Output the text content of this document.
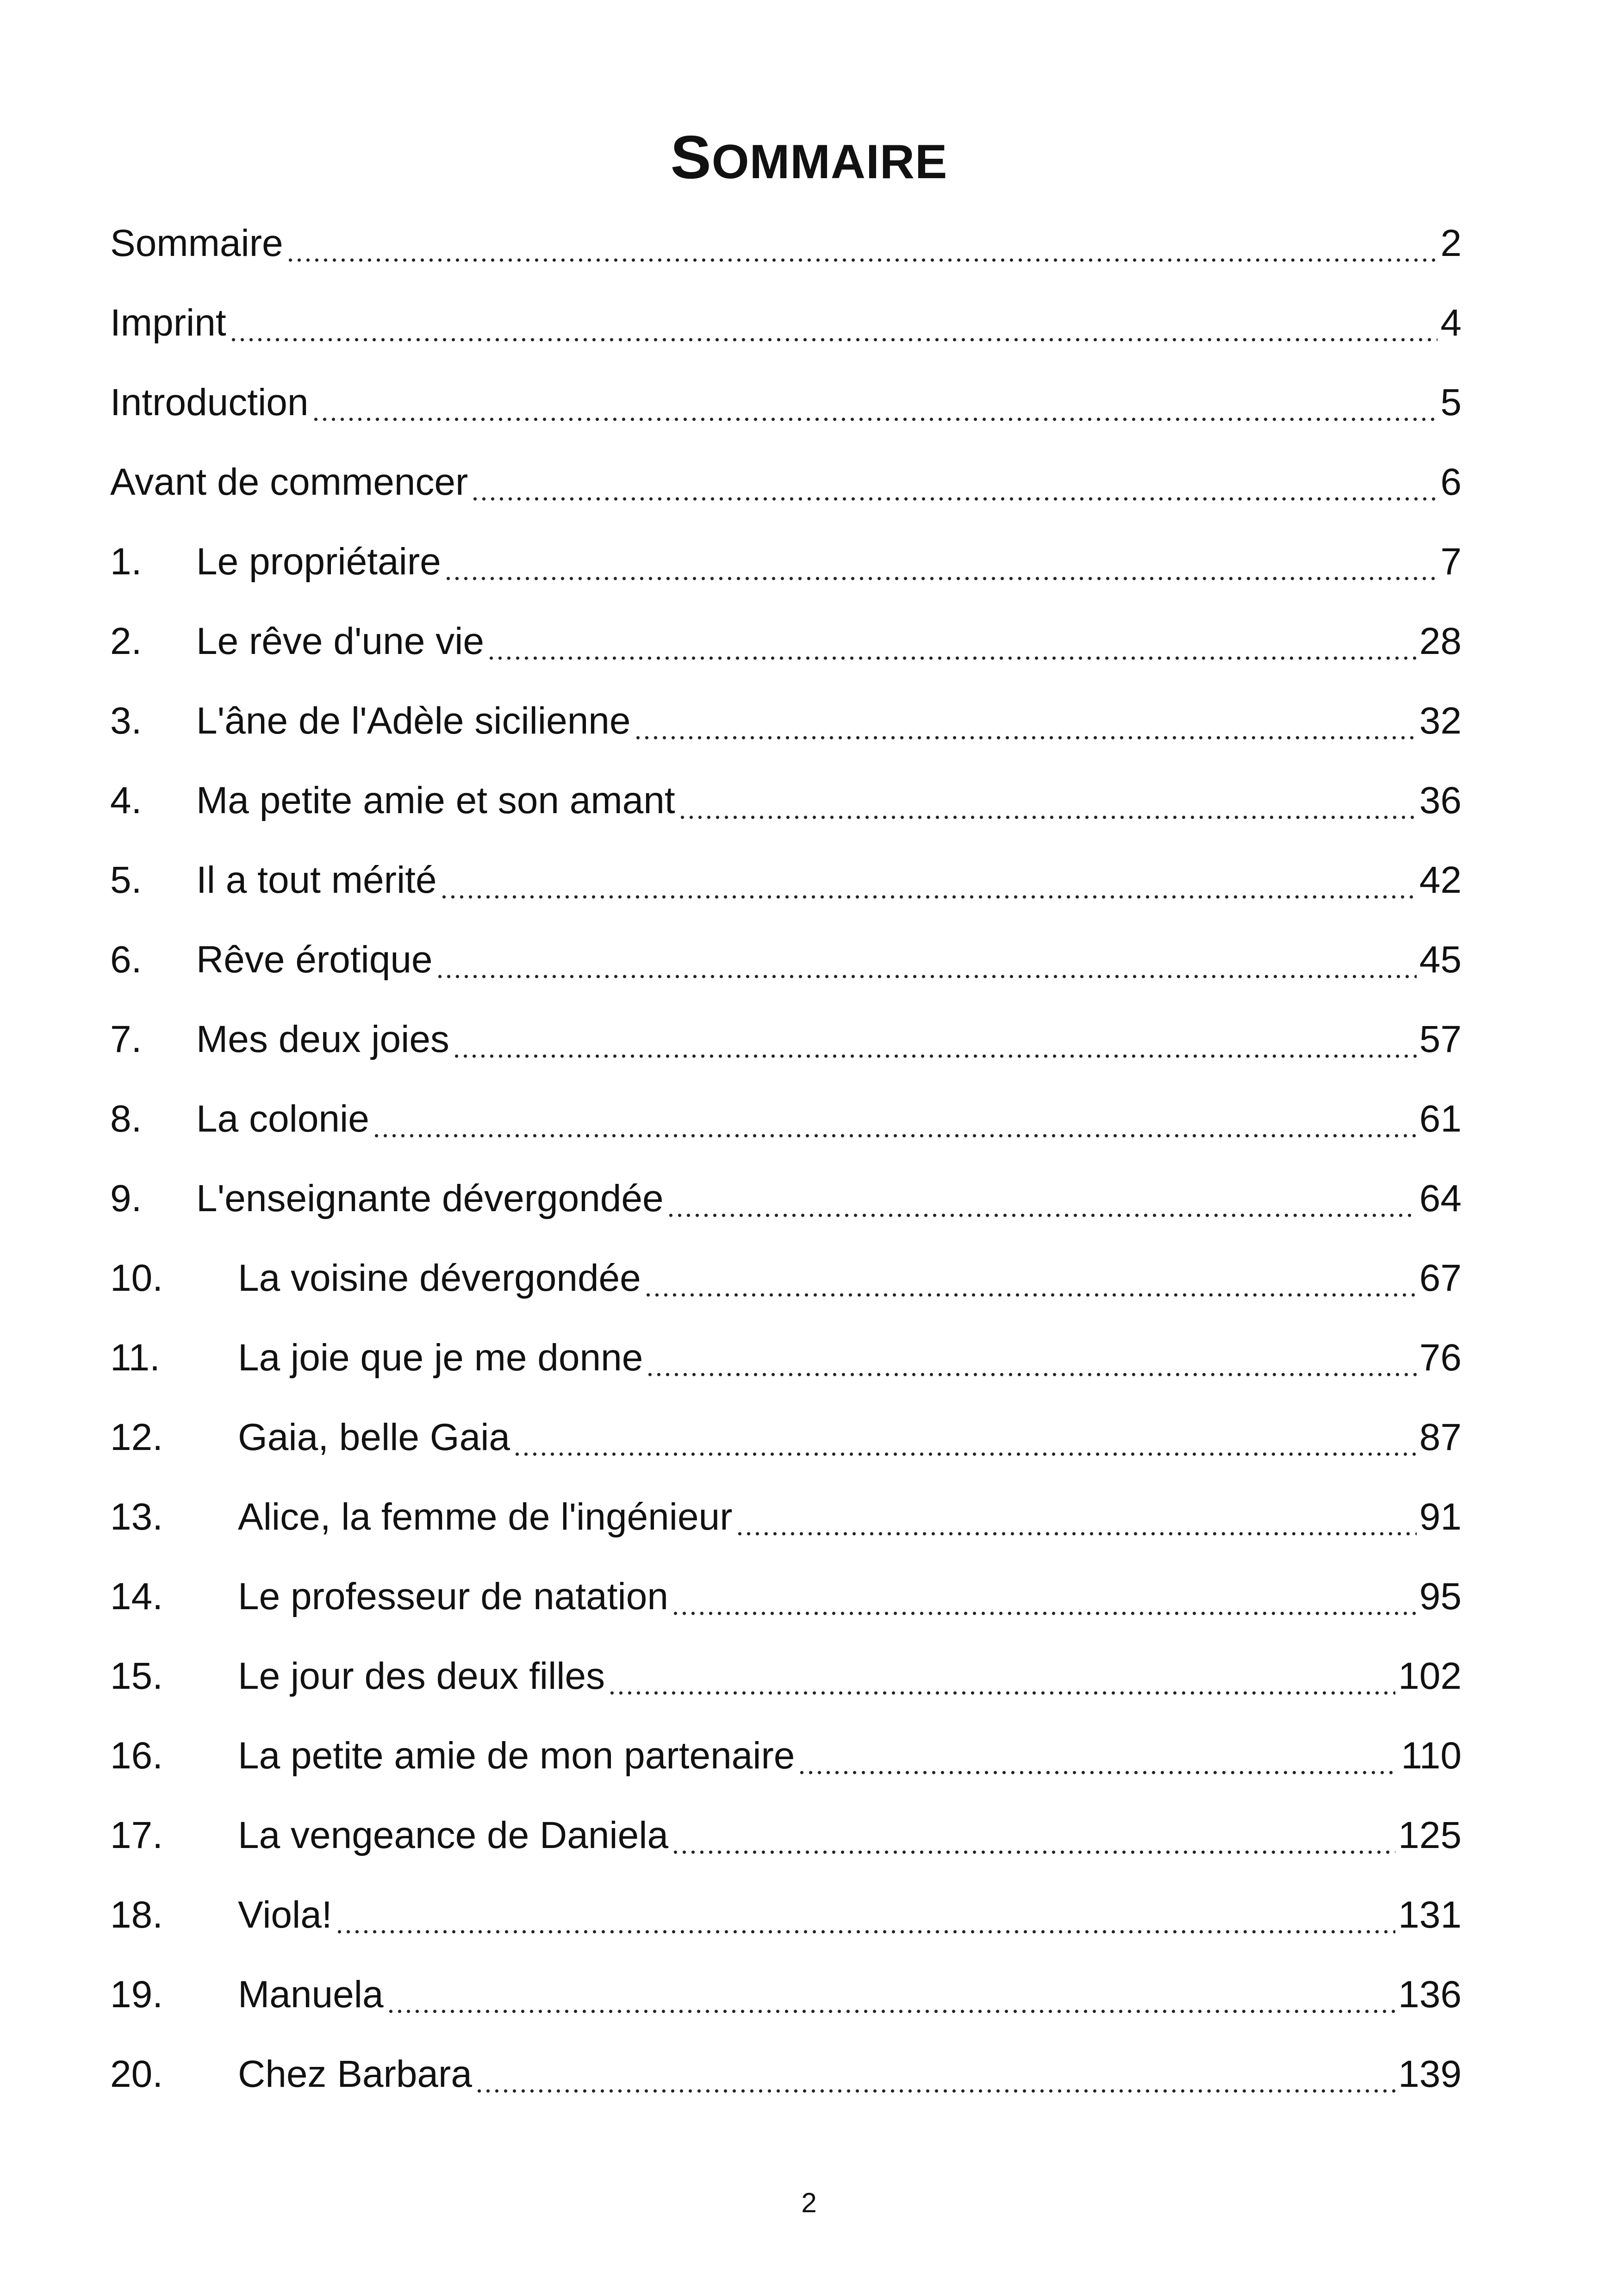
SOMMAIRE
Sommaire	2
Imprint	4
Introduction	5
Avant de commencer	6
1.	Le propriétaire	7
2.	Le rêve d'une vie	28
3.	L'âne de l'Adèle sicilienne	32
4.	Ma petite amie et son amant	36
5.	Il a tout mérité	42
6.	Rêve érotique	45
7.	Mes deux joies	57
8.	La colonie	61
9.	L'enseignante dévergondée	64
10.	La voisine dévergondée	67
11.	La joie que je me donne	76
12.	Gaia, belle Gaia	87
13.	Alice, la femme de l'ingénieur	91
14.	Le professeur de natation	95
15.	Le jour des deux filles	102
16.	La petite amie de mon partenaire	110
17.	La vengeance de Daniela	125
18.	Viola!	131
19.	Manuela	136
20.	Chez Barbara	139
2
